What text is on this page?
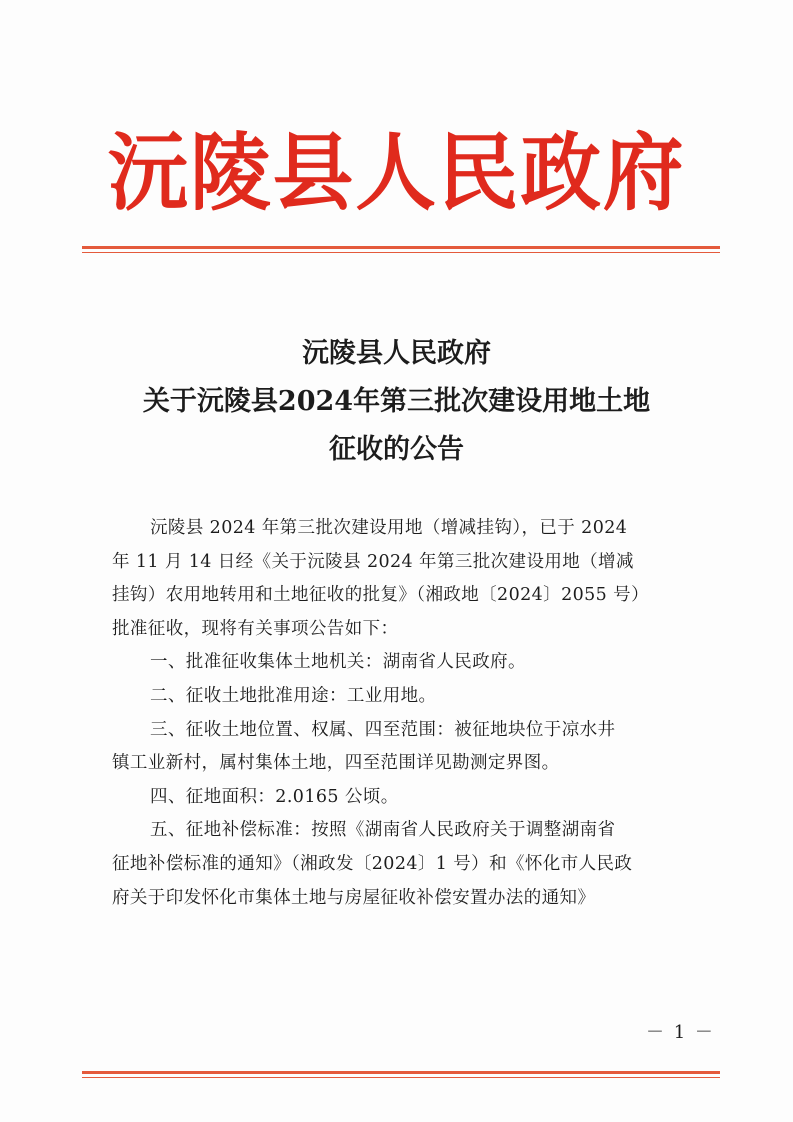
沅陵县人民政府
沅陵县人民政府
关于沅陵县2024年第三批次建设用地土地
征收的公告

沅陵县 2024 年第三批次建设用地（增减挂钩），已于 2024

年 11 月 14 日经《关于沅陵县 2024 年第三批次建设用地（增减

挂钩）农用地转用和土地征收的批复》（湘政地〔2024〕2055 号）

批准征收，现将有关事项公告如下：

一、批准征收集体土地机关：湖南省人民政府。

二、征收土地批准用途：工业用地。

三、征收土地位置、权属、四至范围：被征地块位于凉水井

镇工业新村，属村集体土地，四至范围详见勘测定界图。

四、征地面积：2.0165 公顷。

五、征地补偿标准：按照《湖南省人民政府关于调整湖南省

征地补偿标准的通知》（湘政发〔2024〕1 号）和《怀化市人民政

府关于印发怀化市集体土地与房屋征收补偿安置办法的通知》

－ 1 －
